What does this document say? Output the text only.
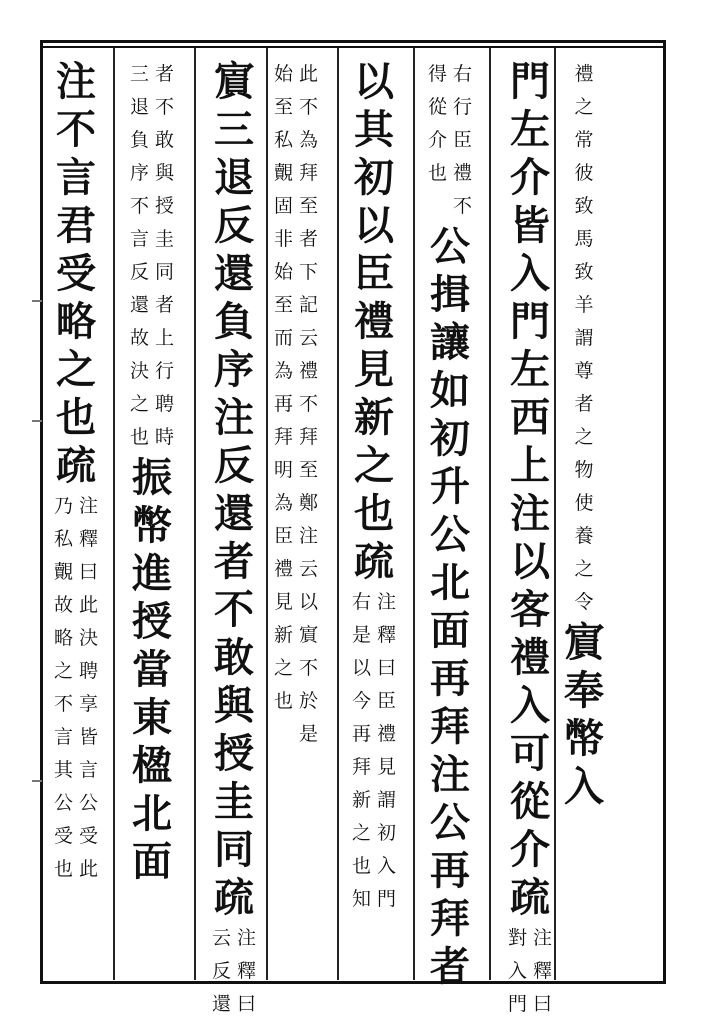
禮
之
常
彼
致
馬
致
羊
謂
尊
者
之
物
使
養
之
令
賔
奉
幣
入
門
左
介
皆
入
門
左
西
上
注
以
客
禮
入
可
從
介
疏
注
釋
曰
對
入
門
右
行
臣
禮
不
得
從
介
也
公
揖
讓
如
初
升
公
北
面
再
拜
注
公
再
拜
者
以
其
初
以
臣
禮
見
新
之
也
疏
注
釋
曰
臣
禮
見
謂
初
入
門
右
是
以
今
再
拜
新
之
也
知
此
不
為
拜
至
者
下
記
云
禮
不
拜
至
鄭
注
云
以
賔
不
於
是
始
至
私
覿
固
非
始
至
而
為
再
拜
明
為
臣
禮
見
新
之
也
賔
三
退
反
還
負
序
注
反
還
者
不
敢
與
授
圭
同
疏
注
釋
曰
云
反
還
者
不
敢
與
授
圭
同
者
上
行
聘
時
三
退
負
序
不
言
反
還
故
決
之
也
振
幣
進
授
當
東
楹
北
面
注
不
言
君
受
略
之
也
疏
注
釋
曰
此
決
聘
享
皆
言
公
受
此
乃
私
覿
故
略
之
不
言
其
公
受
也
